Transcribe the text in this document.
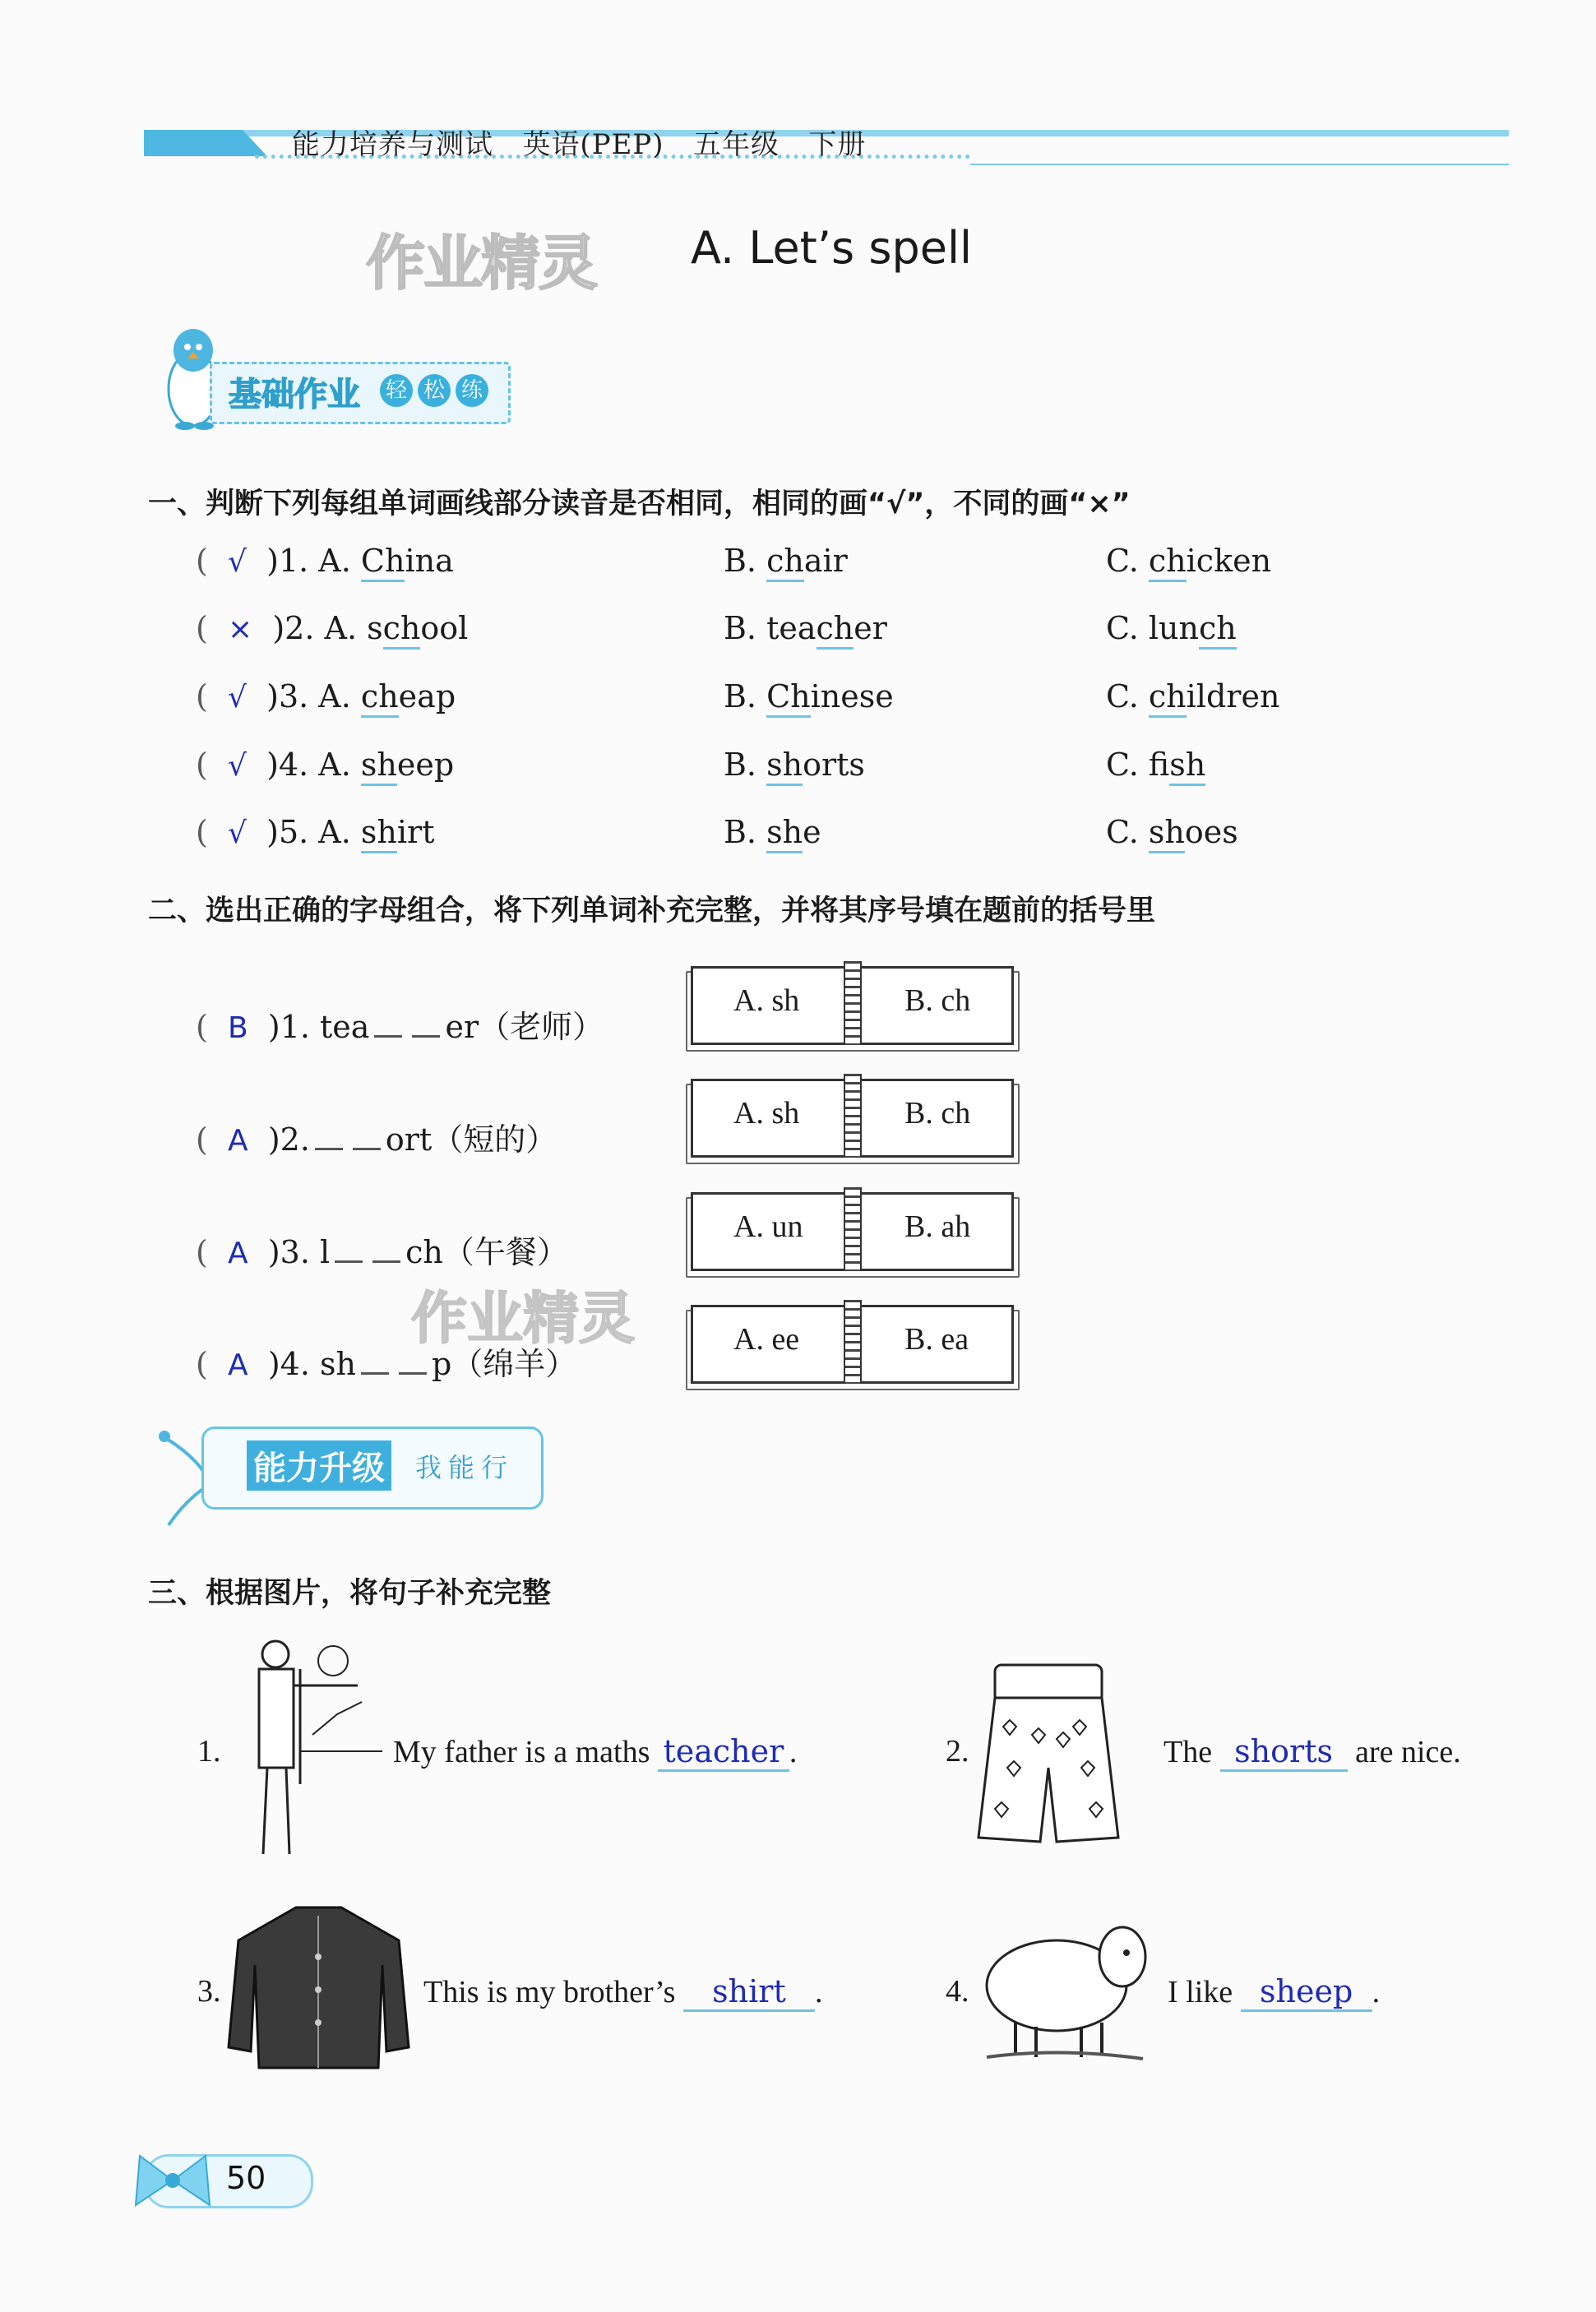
能力培养与测试 英语(PEP) 五年级 下册
作业精灵 A. Let’s spell
基础作业 轻 松 练
一、判断下列每组单词画线部分读音是否相同，相同的画“√”，不同的画“×”
( √ )1. A. China	B. chair	C. chicken
( × )2. A. school	B. teacher	C. lunch
( √ )3. A. cheap	B. Chinese	C. children
( √ )4. A. sheep	B. shorts	C. fish
( √ )5. A. shirt	B. she	C. shoes
二、选出正确的字母组合，将下列单词补充完整，并将其序号填在题前的括号里
( B )1. tea er（老师）
( A )2. ort（短的）
( A )3. l ch（午餐）
( A )4. sh p（绵羊）
A. sh	B. ch
A. sh	B. ch
A. un	B. ah
A. ee	B. ea
作业精灵
能力升级 我能行
三、根据图片，将句子补充完整
1.	My father is a maths teacher .	2.	The shorts are nice.
3.	This is my brother’s shirt .	4.	I like sheep .
50
